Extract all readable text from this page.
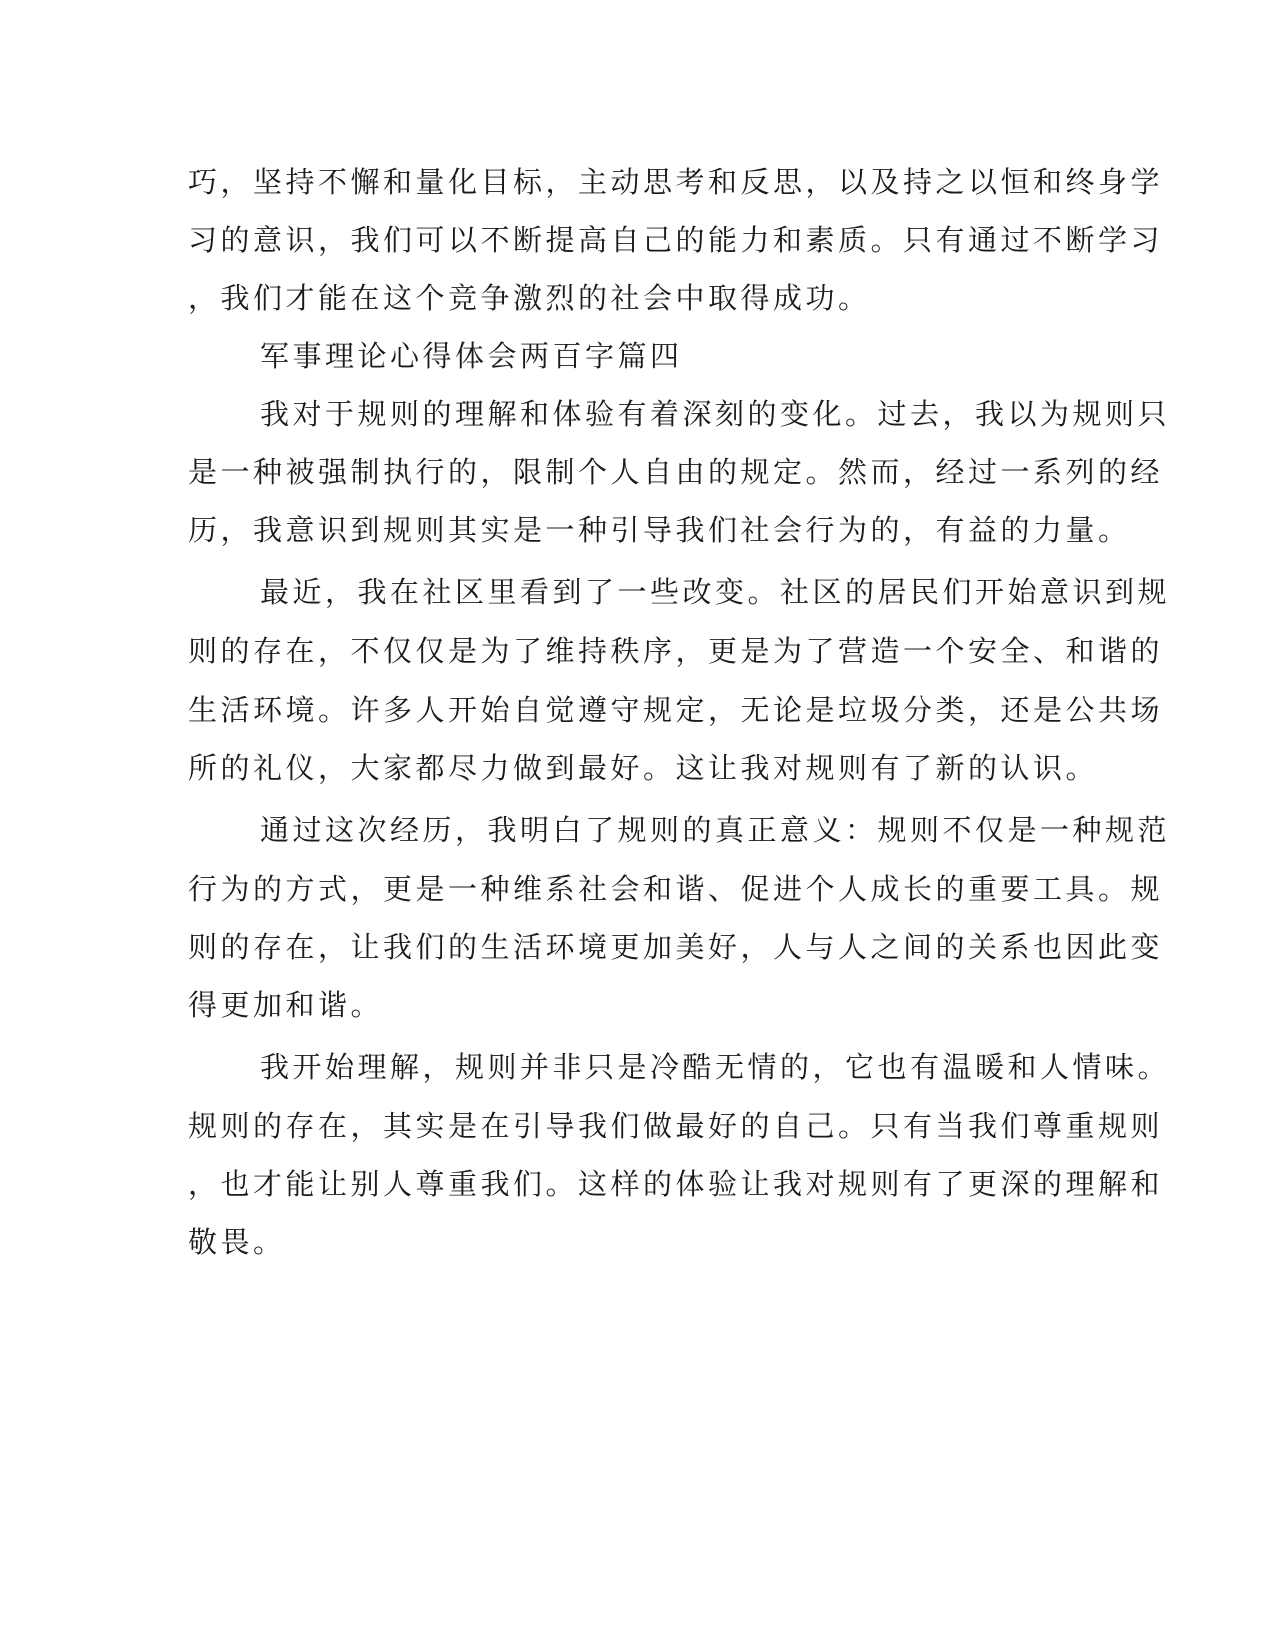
巧，坚持不懈和量化目标，主动思考和反思，以及持之以恒和终身学
习的意识，我们可以不断提高自己的能力和素质。只有通过不断学习
，我们才能在这个竞争激烈的社会中取得成功。
军事理论心得体会两百字篇四
我对于规则的理解和体验有着深刻的变化。过去，我以为规则只
是一种被强制执行的，限制个人自由的规定。然而，经过一系列的经
历，我意识到规则其实是一种引导我们社会行为的，有益的力量。
最近，我在社区里看到了一些改变。社区的居民们开始意识到规
则的存在，不仅仅是为了维持秩序，更是为了营造一个安全、和谐的
生活环境。许多人开始自觉遵守规定，无论是垃圾分类，还是公共场
所的礼仪，大家都尽力做到最好。这让我对规则有了新的认识。
通过这次经历，我明白了规则的真正意义：规则不仅是一种规范
行为的方式，更是一种维系社会和谐、促进个人成长的重要工具。规
则的存在，让我们的生活环境更加美好，人与人之间的关系也因此变
得更加和谐。
我开始理解，规则并非只是冷酷无情的，它也有温暖和人情味。
规则的存在，其实是在引导我们做最好的自己。只有当我们尊重规则
，也才能让别人尊重我们。这样的体验让我对规则有了更深的理解和
敬畏。
